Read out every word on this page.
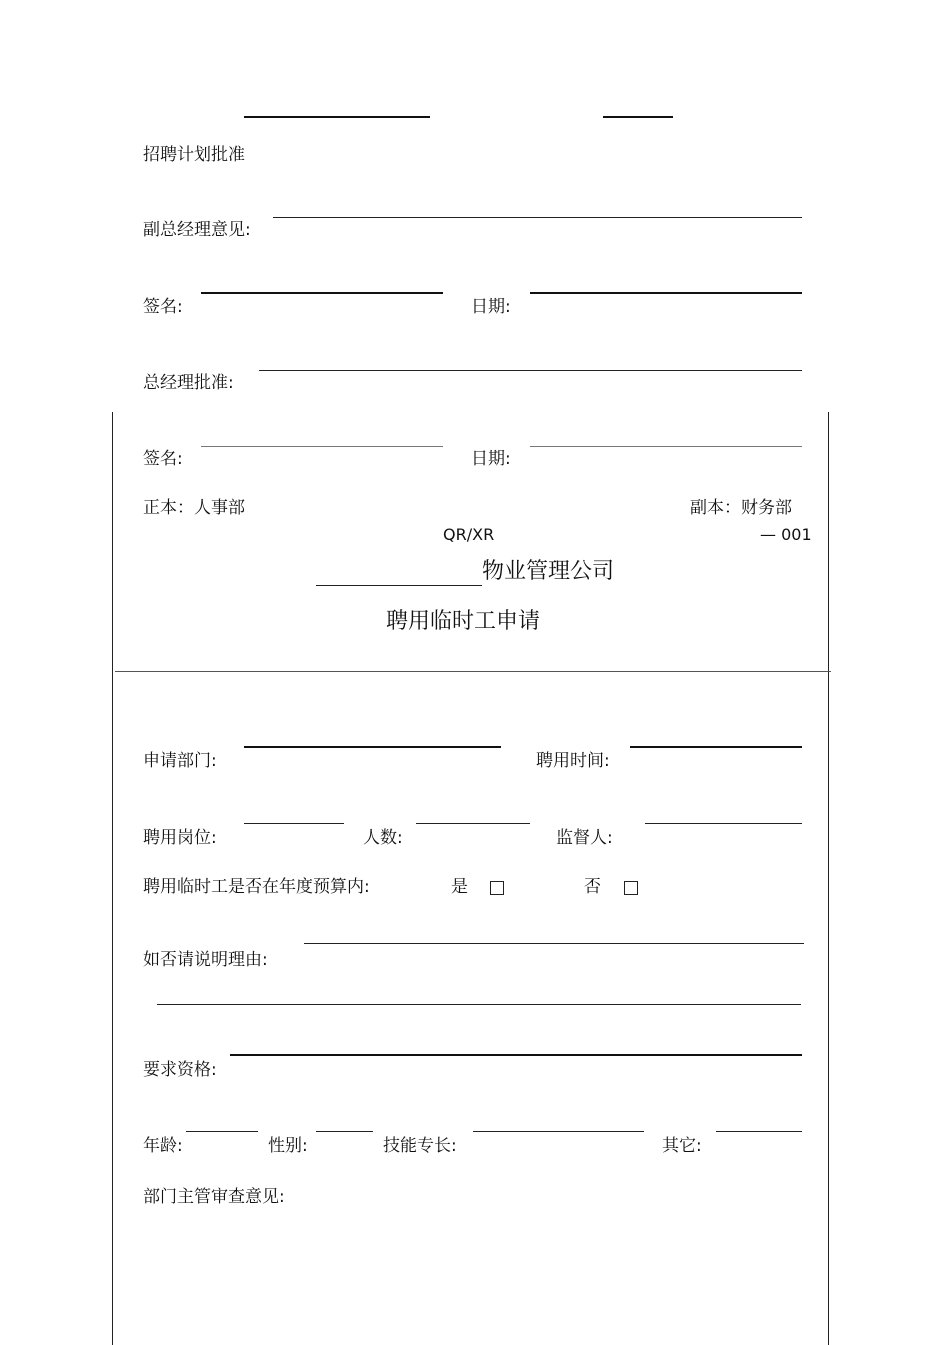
招聘计划批准
副总经理意见:
签名:	日期:
总经理批准:
签名:	日期:
正本：人事部	副本：财务部
QR/XR	— 001
物业管理公司
聘用临时工申请
申请部门:	聘用时间:
聘用岗位:	人数:	监督人:
聘用临时工是否在年度预算内:	是	否
如否请说明理由:
要求资格:
年龄:	性别:	技能专长:	其它:
部门主管审查意见:
